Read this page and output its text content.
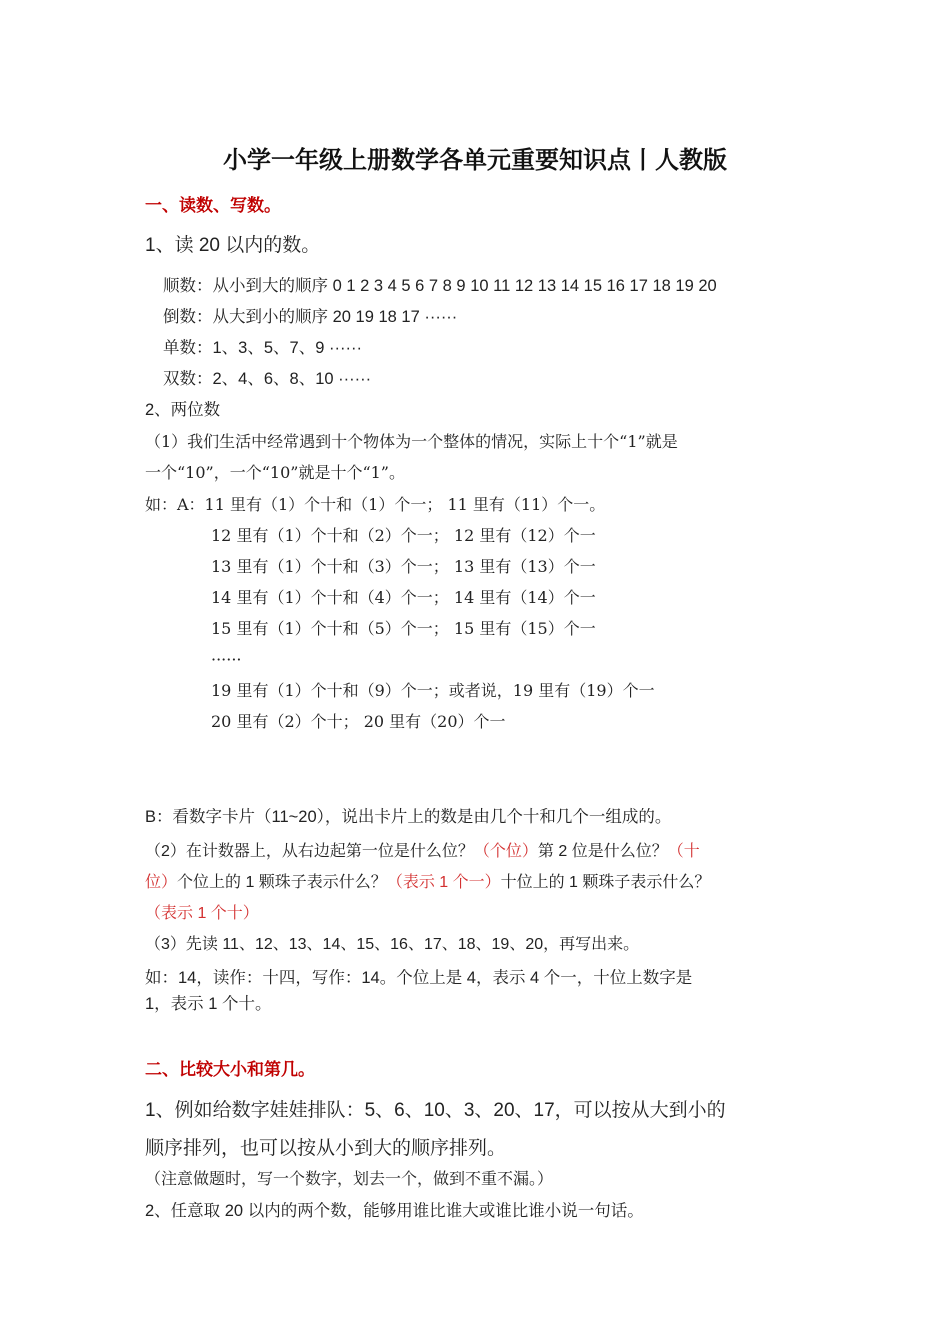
小学一年级上册数学各单元重要知识点丨人教版
一、读数、写数。
1、读 20 以内的数。
顺数：从小到大的顺序 0 1 2 3 4 5 6 7 8 9 10 11 12 13 14 15 16 17 18 19 20
倒数：从大到小的顺序 20 19 18 17 ······
单数：1、3、5、7、9 ······
双数：2、4、6、8、10 ······
2、两位数
（1）我们生活中经常遇到十个物体为一个整体的情况，实际上十个“1”就是
一个“10”，一个“10”就是十个“1”。
如：A：11 里有（1）个十和（1）个一； 11 里有（11）个一。
12 里有（1）个十和（2）个一； 12 里有（12）个一
13 里有（1）个十和（3）个一； 13 里有（13）个一
14 里有（1）个十和（4）个一； 14 里有（14）个一
15 里有（1）个十和（5）个一； 15 里有（15）个一
······
19 里有（1）个十和（9）个一；或者说，19 里有（19）个一
20 里有（2）个十； 20 里有（20）个一
B：看数字卡片（11~20），说出卡片上的数是由几个十和几个一组成的。
（2）在计数器上，从右边起第一位是什么位？（个位）第 2 位是什么位？（十
位）个位上的 1 颗珠子表示什么？（表示 1 个一）十位上的 1 颗珠子表示什么？
（表示 1 个十）
（3）先读 11、12、13、14、15、16、17、18、19、20，再写出来。
如：14，读作：十四，写作：14。个位上是 4，表示 4 个一，十位上数字是
1，表示 1 个十。
二、比较大小和第几。
1、例如给数字娃娃排队：5、6、10、3、20、17，可以按从大到小的
顺序排列，也可以按从小到大的顺序排列。
（注意做题时，写一个数字，划去一个，做到不重不漏。）
2、任意取 20 以内的两个数，能够用谁比谁大或谁比谁小说一句话。
